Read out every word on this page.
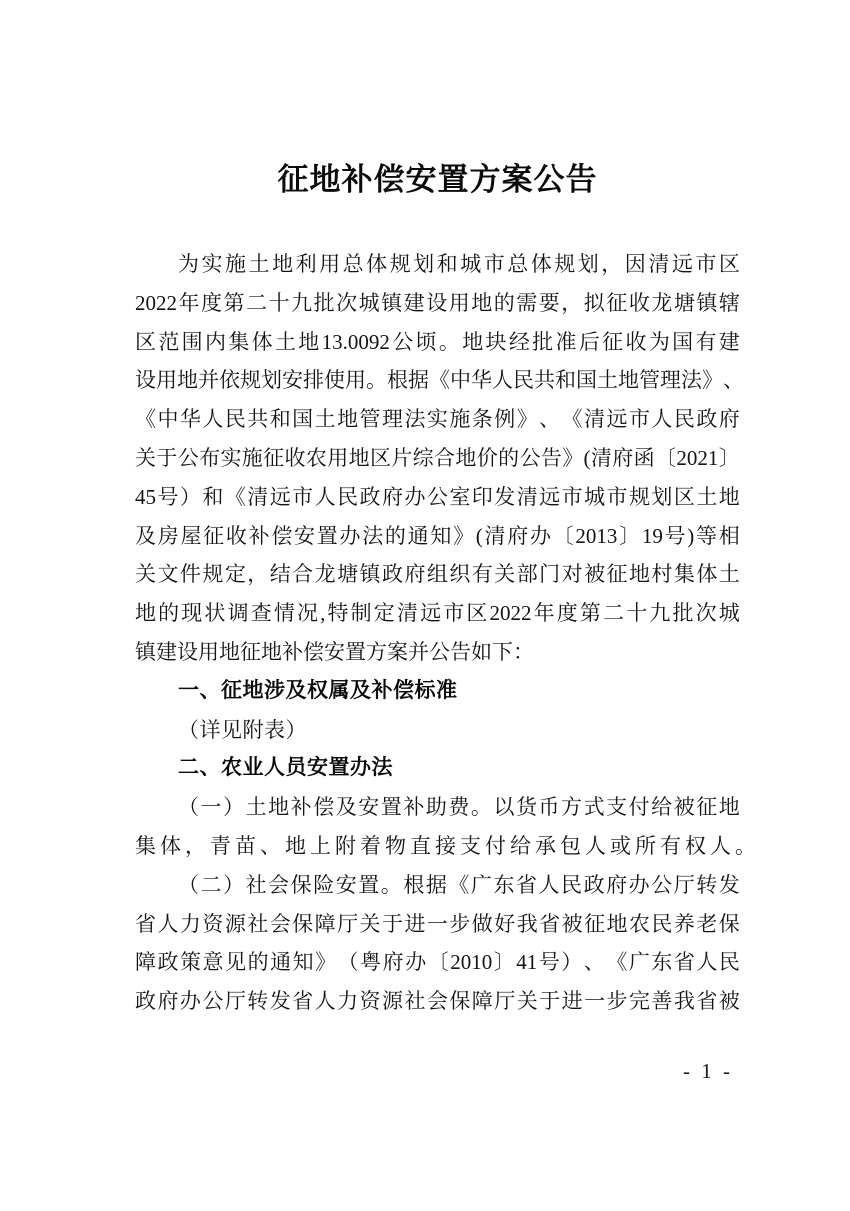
征地补偿安置方案公告
为 实 施 土 地 利 用 总 体 规 划 和 城 市 总 体 规 划 ， 因 清 远 市 区
2022 年 度 第 二 十 九 批 次 城 镇 建 设 用 地 的 需 要 ， 拟 征 收 龙 塘 镇 辖
区 范 围 内 集 体 土 地 13.0092 公 顷 。 地 块 经 批 准 后 征 收 为 国 有 建
设 用 地 并 依 规 划 安 排 使 用 。 根 据 《 中 华 人 民 共 和 国 土 地 管 理 法 》 、
《 中 华 人 民 共 和 国 土 地 管 理 法 实 施 条 例 》 、 《 清 远 市 人 民 政 府
关 于 公 布 实 施 征 收 农 用 地 区 片 综 合 地 价 的 公 告 》 ( 清 府 函 〔 2021 〕
45 号 ） 和 《 清 远 市 人 民 政 府 办 公 室 印 发 清 远 市 城 市 规 划 区 土 地
及 房 屋 征 收 补 偿 安 置 办 法 的 通 知 》 ( 清 府 办 〔 2013 〕 19 号 ) 等 相
关 文 件 规 定 ， 结 合 龙 塘 镇 政 府 组 织 有 关 部 门 对 被 征 地 村 集 体 土
地 的 现 状 调 查 情 况 , 特 制 定 清 远 市 区 2022 年 度 第 二 十 九 批 次 城
镇建设用地征地补偿安置方案并公告如下：
一、征地涉及权属及补偿标准
（详见附表）
二、农业人员安置办法
（ 一 ） 土 地 补 偿 及 安 置 补 助 费 。 以 货 币 方 式 支 付 给 被 征 地
集体，青苗、地上附着物直接支付给承包人或所有权人。
（ 二 ） 社 会 保 险 安 置 。 根 据 《 广 东 省 人 民 政 府 办 公 厅 转 发
省 人 力 资 源 社 会 保 障 厅 关 于 进 一 步 做 好 我 省 被 征 地 农 民 养 老 保
障 政 策 意 见 的 通 知 》 （ 粤 府 办 〔 2010 〕 41 号 ） 、 《 广 东 省 人 民
政 府 办 公 厅 转 发 省 人 力 资 源 社 会 保 障 厅 关 于 进 一 步 完 善 我 省 被
- 1 -
